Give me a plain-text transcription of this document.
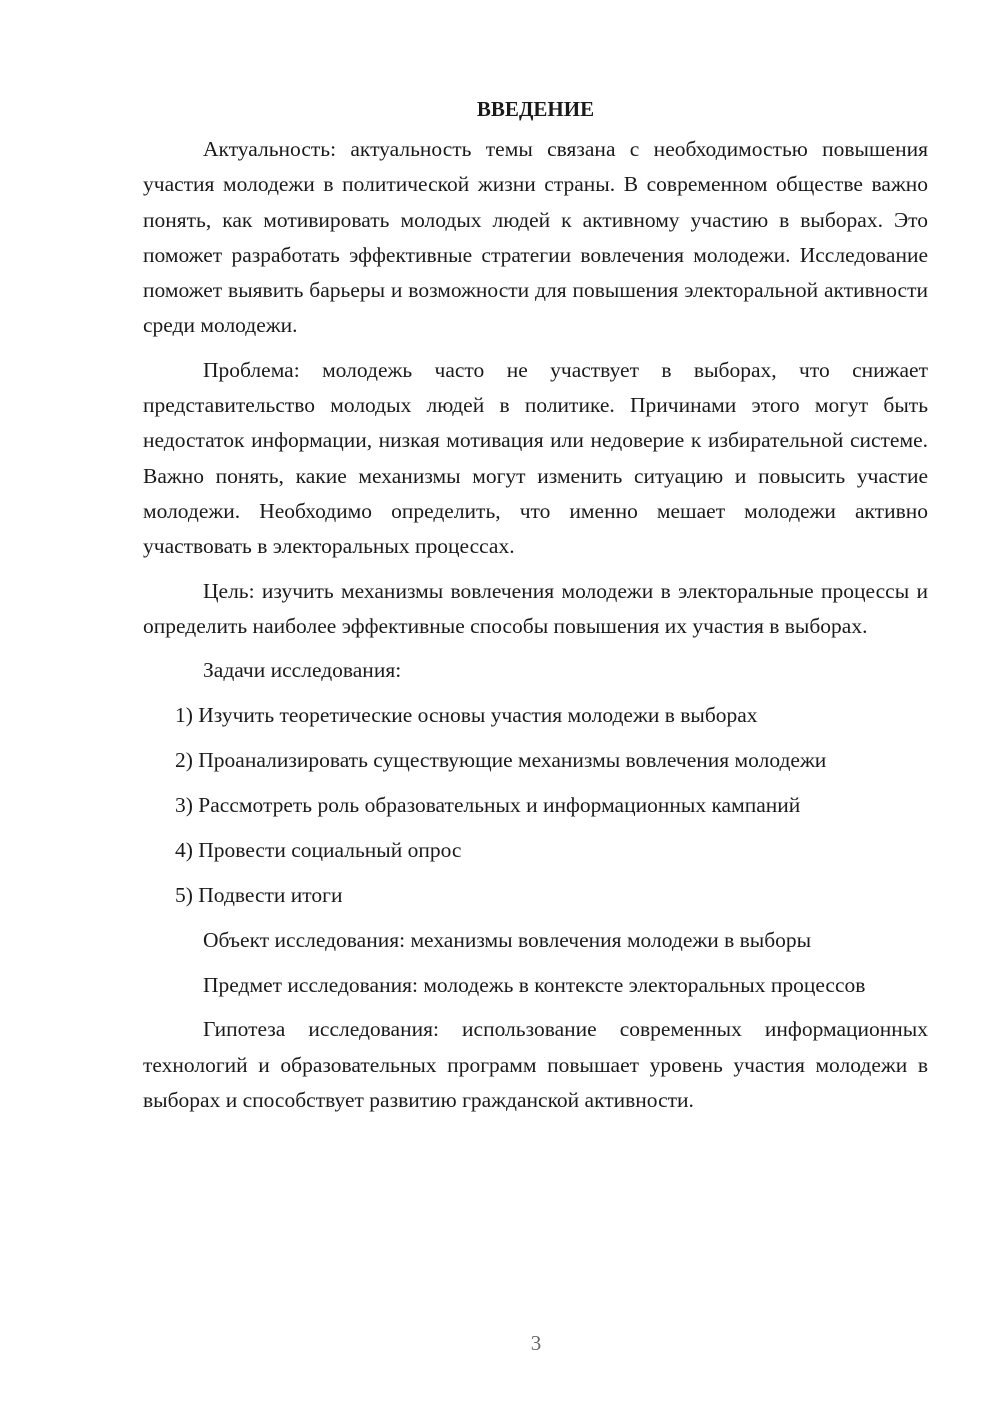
ВВЕДЕНИЕ

Актуальность: актуальность темы связана с необходимостью повышения участия молодежи в политической жизни страны. В современном обществе важно понять, как мотивировать молодых людей к активному участию в выборах. Это поможет разработать эффективные стратегии вовлечения молодежи. Исследование поможет выявить барьеры и возможности для повышения электоральной активности среди молодежи.

Проблема: молодежь часто не участвует в выборах, что снижает представительство молодых людей в политике. Причинами этого могут быть недостаток информации, низкая мотивация или недоверие к избирательной системе. Важно понять, какие механизмы могут изменить ситуацию и повысить участие молодежи. Необходимо определить, что именно мешает молодежи активно участвовать в электоральных процессах.

Цель: изучить механизмы вовлечения молодежи в электоральные процессы и определить наиболее эффективные способы повышения их участия в выборах.

Задачи исследования:

1) Изучить теоретические основы участия молодежи в выборах
2) Проанализировать существующие механизмы вовлечения молодежи
3) Рассмотреть роль образовательных и информационных кампаний
4) Провести социальный опрос
5) Подвести итоги

Объект исследования: механизмы вовлечения молодежи в выборы

Предмет исследования: молодежь в контексте электоральных процессов

Гипотеза исследования: использование современных информационных технологий и образовательных программ повышает уровень участия молодежи в выборах и способствует развитию гражданской активности.

3
